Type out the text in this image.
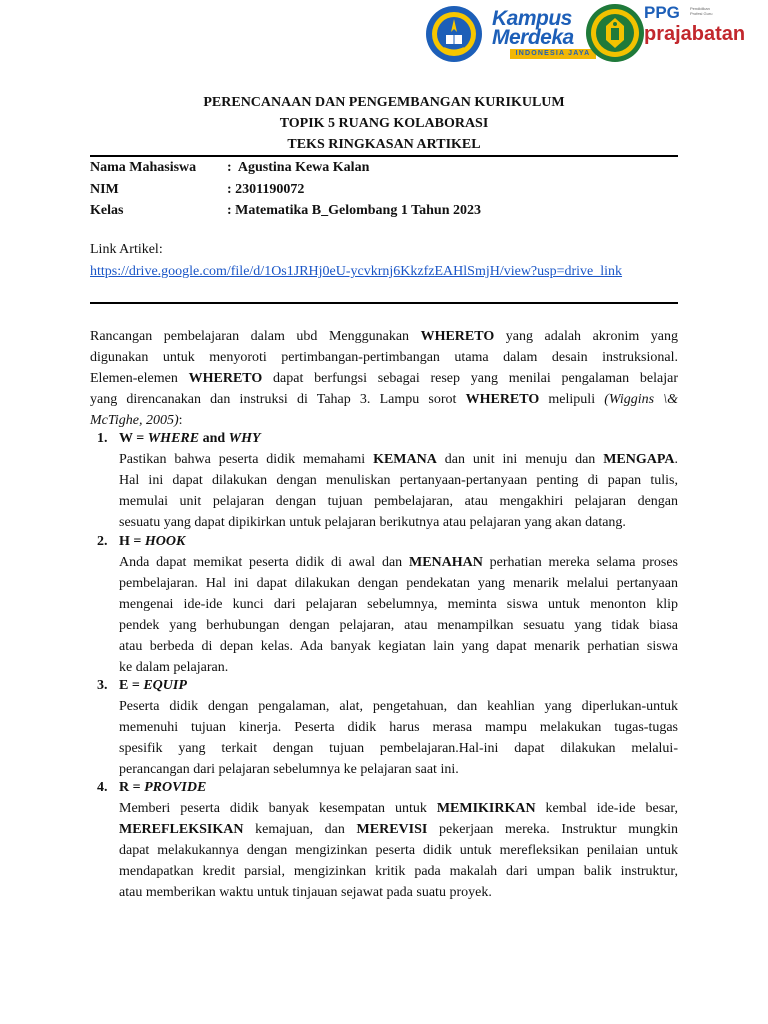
Kampus
Merdeka
INDONESIA JAYA
PPG	Pendidikan Profesi Guru
prajabatan
PERENCANAAN DAN PENGEMBANGAN KURIKULUM
TOPIK 5 RUANG KOLABORASI
TEKS RINGKASAN ARTIKEL
Nama Mahasiswa :  Agustina Kewa Kalan
NIM	: 2301190072
Kelas	: Matematika B_Gelombang 1 Tahun 2023
Link Artikel:
https://drive.google.com/file/d/1Os1JRHj0eU-ycvkrnj6KkzfzEAHlSmjH/view?usp=drive_link
Rancangan pembelajaran dalam ubd Menggunakan WHERETO yang adalah akronim yang
digunakan untuk menyoroti pertimbangan-pertimbangan utama dalam desain instruksional.
Elemen-elemen WHERETO dapat berfungsi sebagai resep yang menilai pengalaman belajar
yang direncanakan dan instruksi di Tahap 3. Lampu sorot WHERETO melipuli (Wiggins \&
McTighe, 2005):
1. W = WHERE and WHY
Pastikan bahwa peserta didik memahami KEMANA dan unit ini menuju dan MENGAPA.
Hal ini dapat dilakukan dengan menuliskan pertanyaan-pertanyaan penting di papan tulis,
memulai unit pelajaran dengan tujuan pembelajaran, atau mengakhiri pelajaran dengan
sesuatu yang dapat dipikirkan untuk pelajaran berikutnya atau pelajaran yang akan datang.
2. H = HOOK
Anda dapat memikat peserta didik di awal dan MENAHAN perhatian mereka selama proses
pembelajaran. Hal ini dapat dilakukan dengan pendekatan yang menarik melalui pertanyaan
mengenai ide-ide kunci dari pelajaran sebelumnya, meminta siswa untuk menonton klip
pendek yang berhubungan dengan pelajaran, atau menampilkan sesuatu yang tidak biasa
atau berbeda di depan kelas. Ada banyak kegiatan lain yang dapat menarik perhatian siswa
ke dalam pelajaran.
3. E = EQUIP
Peserta didik dengan pengalaman, alat, pengetahuan, dan keahlian yang diperlukan-untuk
memenuhi tujuan kinerja. Peserta didik harus merasa mampu melakukan tugas-tugas
spesifik yang terkait dengan tujuan pembelajaran.Hal-ini dapat dilakukan melalui-
perancangan dari pelajaran sebelumnya ke pelajaran saat ini.
4. R = PROVIDE
Memberi peserta didik banyak kesempatan untuk MEMIKIRKAN kembal ide-ide besar,
MEREFLEKSIKAN kemajuan, dan MEREVISI pekerjaan mereka. Instruktur mungkin
dapat melakukannya dengan mengizinkan peserta didik untuk merefleksikan penilaian untuk
mendapatkan kredit parsial, mengizinkan kritik pada makalah dari umpan balik instruktur,
atau memberikan waktu untuk tinjauan sejawat pada suatu proyek.
